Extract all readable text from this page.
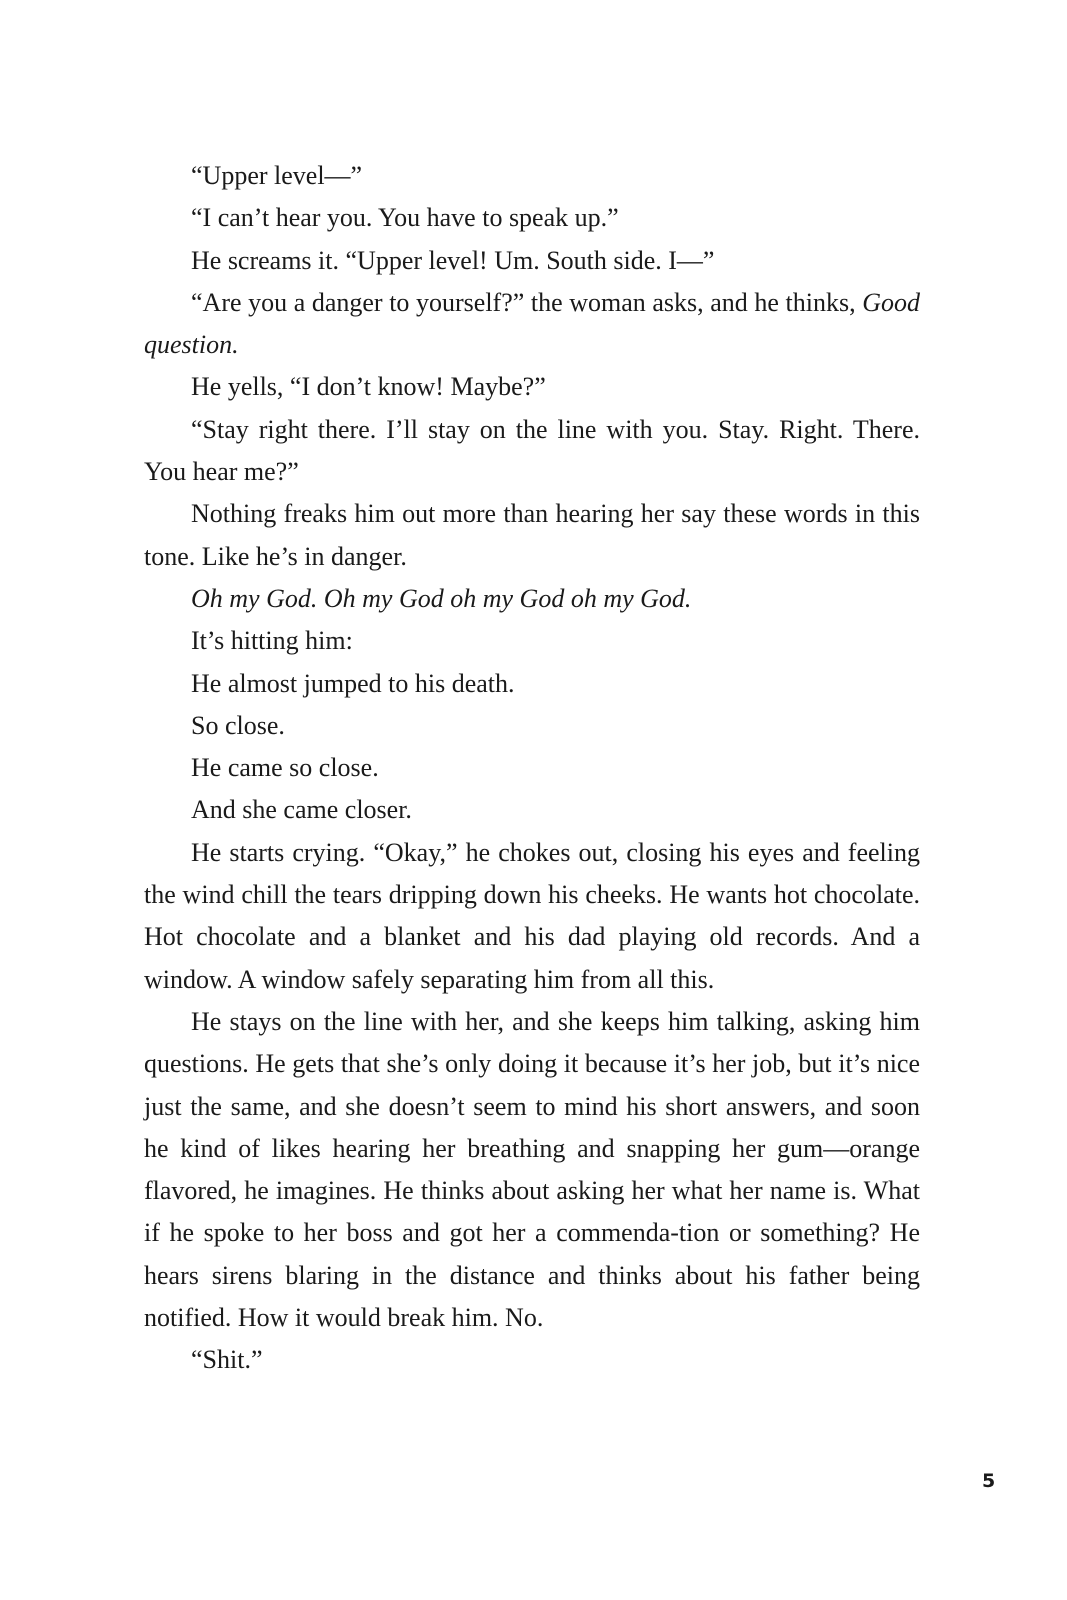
“Upper level—”

“I can’t hear you. You have to speak up.”

He screams it. “Upper level! Um. South side. I—”

“Are you a danger to yourself?” the woman asks, and he thinks, Good question.

He yells, “I don’t know! Maybe?”

“Stay right there. I’ll stay on the line with you. Stay. Right. There. You hear me?”

Nothing freaks him out more than hearing her say these words in this tone. Like he’s in danger.

Oh my God. Oh my God oh my God oh my God.

It’s hitting him:

He almost jumped to his death.

So close.

He came so close.

And she came closer.

He starts crying. “Okay,” he chokes out, closing his eyes and feeling the wind chill the tears dripping down his cheeks. He wants hot chocolate. Hot chocolate and a blanket and his dad playing old records. And a window. A window safely separating him from all this.

He stays on the line with her, and she keeps him talking, asking him questions. He gets that she’s only doing it because it’s her job, but it’s nice just the same, and she doesn’t seem to mind his short answers, and soon he kind of likes hearing her breathing and snapping her gum—orange flavored, he imagines. He thinks about asking her what her name is. What if he spoke to her boss and got her a commenda-tion or something? He hears sirens blaring in the distance and thinks about his father being notified. How it would break him. No.

“Shit.”

5
